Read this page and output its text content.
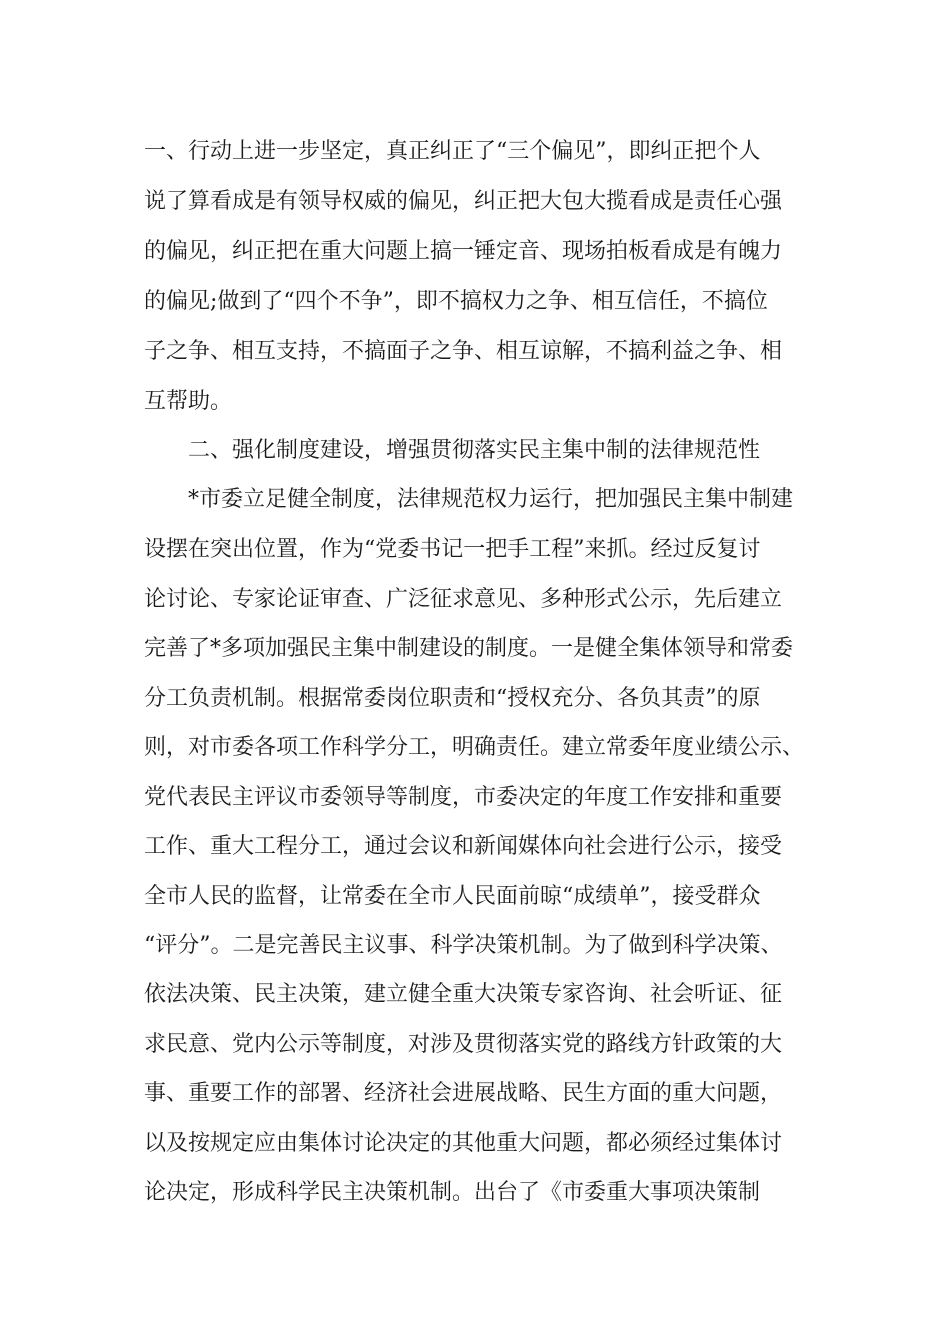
一、行动上进一步坚定，真正纠正了“三个偏见”，即纠正把个人
说了算看成是有领导权威的偏见，纠正把大包大揽看成是责任心强
的偏见，纠正把在重大问题上搞一锤定音、现场拍板看成是有魄力
的偏见;做到了“四个不争”，即不搞权力之争、相互信任，不搞位
子之争、相互支持，不搞面子之争、相互谅解，不搞利益之争、相
互帮助。
二、强化制度建设，增强贯彻落实民主集中制的法律规范性
*市委立足健全制度，法律规范权力运行，把加强民主集中制建
设摆在突出位置，作为“党委书记一把手工程”来抓。经过反复讨
论讨论、专家论证审查、广泛征求意见、多种形式公示，先后建立
完善了*多项加强民主集中制建设的制度。一是健全集体领导和常委
分工负责机制。根据常委岗位职责和“授权充分、各负其责”的原
则，对市委各项工作科学分工，明确责任。建立常委年度业绩公示、
党代表民主评议市委领导等制度，市委决定的年度工作安排和重要
工作、重大工程分工，通过会议和新闻媒体向社会进行公示，接受
全市人民的监督，让常委在全市人民面前晾“成绩单”，接受群众
“评分”。二是完善民主议事、科学决策机制。为了做到科学决策、
依法决策、民主决策，建立健全重大决策专家咨询、社会听证、征
求民意、党内公示等制度，对涉及贯彻落实党的路线方针政策的大
事、重要工作的部署、经济社会进展战略、民生方面的重大问题，
以及按规定应由集体讨论决定的其他重大问题，都必须经过集体讨
论决定，形成科学民主决策机制。出台了《市委重大事项决策制
